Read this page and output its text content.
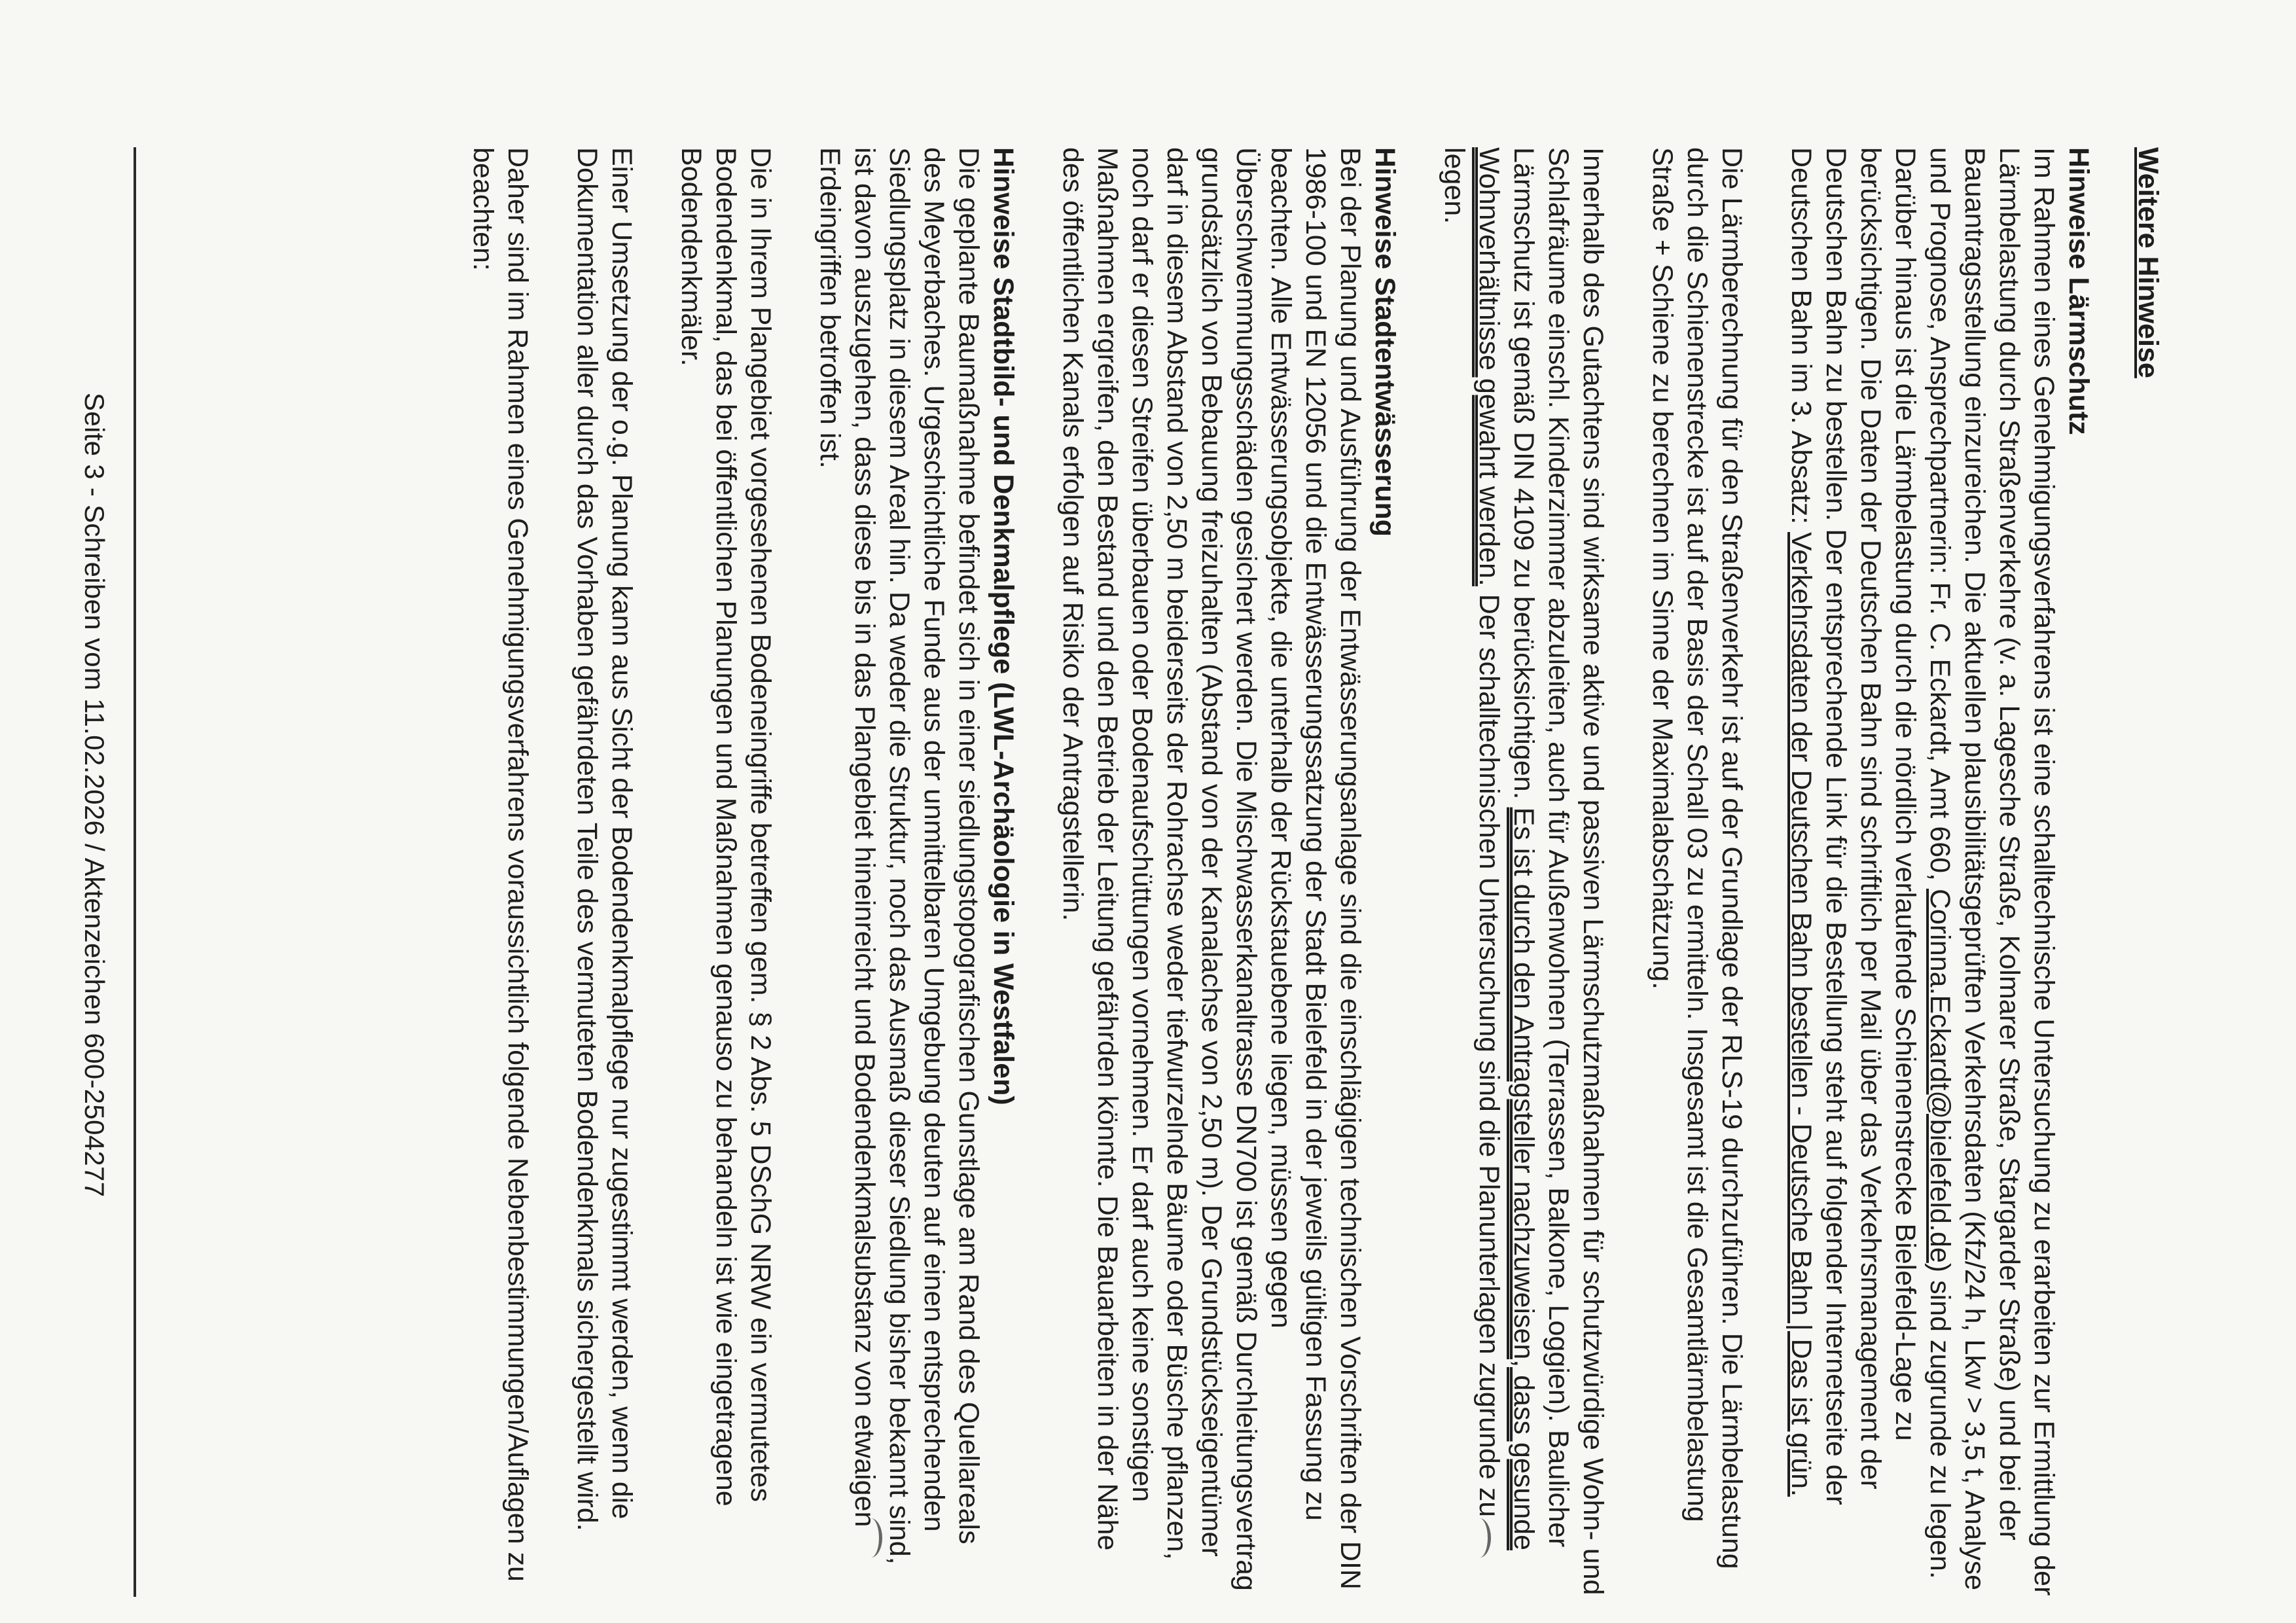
Seite 3 - Schreiben vom 11.02.2026 / Aktenzeichen 600-2504277
Weitere Hinweise

Hinweise Lärmschutz
Im Rahmen eines Genehmigungsverfahrens ist eine schalltechnische Untersuchung zu erarbeiten zur Ermittlung der Lärmbelastung durch Straßenverkehre (v. a. Lagesche Straße, Kolmarer Straße, Stargarder Straße) und bei der Bauantragsstellung einzureichen. Die aktuellen plausibilitätsgeprüften Verkehrsdaten (Kfz/24 h, Lkw > 3,5 t, Analyse und Prognose, Ansprechpartnerin: Fr. C. Eckardt, Amt 660, Corinna.Eckardt@bielefeld.de) sind zugrunde zu legen. Darüber hinaus ist die Lärmbelastung durch die nördlich verlaufende Schienenstrecke Bielefeld-Lage zu berücksichtigen. Die Daten der Deutschen Bahn sind schriftlich per Mail über das Verkehrsmanagement der Deutschen Bahn zu bestellen. Der entsprechende Link für die Bestellung steht auf folgender Internetseite der Deutschen Bahn im 3. Absatz: Verkehrsdaten der Deutschen Bahn bestellen - Deutsche Bahn | Das ist grün.

Die Lärmberechnung für den Straßenverkehr ist auf der Grundlage der RLS-19 durchzuführen. Die Lärmbelastung durch die Schienenstrecke ist auf der Basis der Schall 03 zu ermitteln. Insgesamt ist die Gesamtlärmbelastung Straße + Schiene zu berechnen im Sinne der Maximalabschätzung.

Innerhalb des Gutachtens sind wirksame aktive und passiven Lärmschutzmaßnahmen für schutzwürdige Wohn- und Schlafräume einschl. Kinderzimmer abzuleiten, auch für Außenwohnen (Terrassen, Balkone, Loggien). Baulicher Lärmschutz ist gemäß DIN 4109 zu berücksichtigen. Es ist durch den Antragsteller nachzuweisen, dass gesunde Wohnverhältnisse gewahrt werden. Der schalltechnischen Untersuchung sind die Planunterlagen zugrunde zu legen.

Hinweise Stadtentwässerung
Bei der Planung und Ausführung der Entwässerungsanlage sind die einschlägigen technischen Vorschriften der DIN 1986-100 und EN 12056 und die Entwässerungssatzung der Stadt Bielefeld in der jeweils gültigen Fassung zu beachten. Alle Entwässerungsobjekte, die unterhalb der Rückstauebene liegen, müssen gegen Überschwemmungsschäden gesichert werden. Die Mischwasserkanaltrasse DN700 ist gemäß Durchleitungsvertrag grundsätzlich von Bebauung freizuhalten (Abstand von der Kanalachse von 2,50 m). Der Grundstückseigentümer darf in diesem Abstand von 2,50 m beiderseits der Rohrachse weder tiefwurzelnde Bäume oder Büsche pflanzen, noch darf er diesen Streifen überbauen oder Bodenaufschüttungen vornehmen. Er darf auch keine sonstigen Maßnahmen ergreifen, den Bestand und den Betrieb der Leitung gefährden könnte. Die Bauarbeiten in der Nähe des öffentlichen Kanals erfolgen auf Risiko der Antragstellerin.

Hinweise Stadtbild- und Denkmalpflege (LWL-Archäologie in Westfalen)
Die geplante Baumaßnahme befindet sich in einer siedlungstopografischen Gunstlage am Rand des Quellareals des Meyerbaches. Urgeschichtliche Funde aus der unmittelbaren Umgebung deuten auf einen entsprechenden Siedlungsplatz in diesem Areal hin. Da weder die Struktur, noch das Ausmaß dieser Siedlung bisher bekannt sind, ist davon auszugehen, dass diese bis in das Plangebiet hineinreicht und Bodendenkmalsubstanz von etwaigen Erdeingriffen betroffen ist.

Die in Ihrem Plangebiet vorgesehenen Bodeneingriffe betreffen gem. § 2 Abs. 5 DSchG NRW ein vermutetes Bodendenkmal, das bei öffentlichen Planungen und Maßnahmen genauso zu behandeln ist wie eingetragene Bodendenkmäler.

Einer Umsetzung der o.g. Planung kann aus Sicht der Bodendenkmalpflege nur zugestimmt werden, wenn die Dokumentation aller durch das Vorhaben gefährdeten Teile des vermuteten Bodendenkmals sichergestellt wird.

Daher sind im Rahmen eines Genehmigungsverfahrens voraussichtlich folgende Nebenbestimmungen/Auflagen zu beachten:
